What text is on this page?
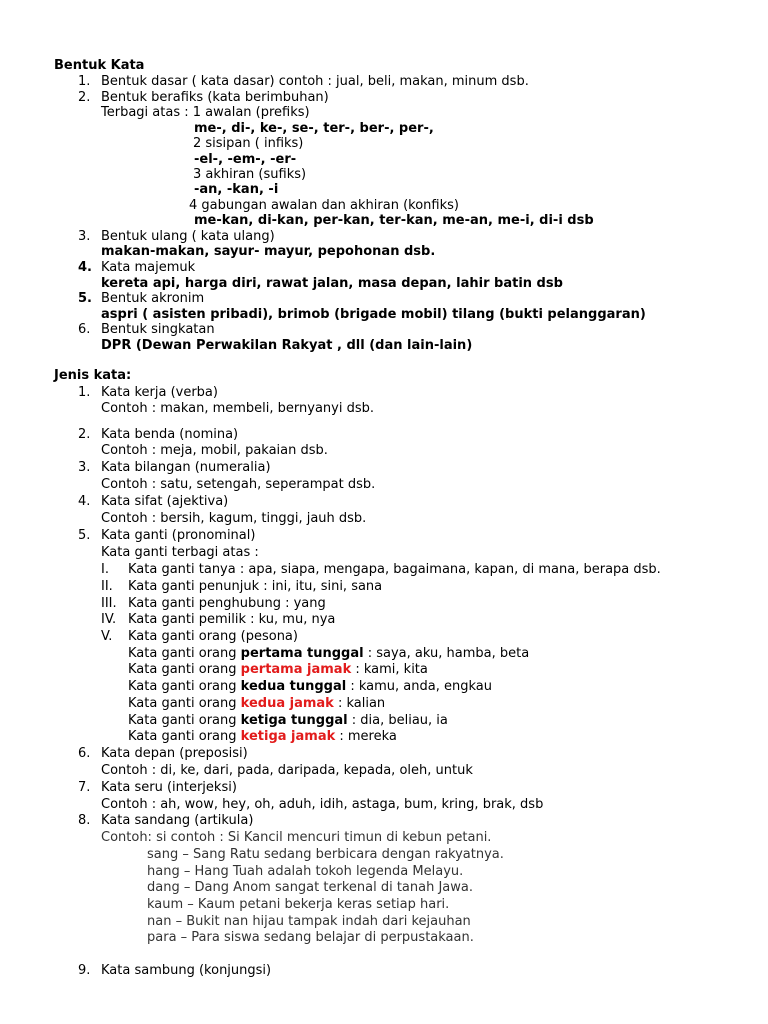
Bentuk Kata
1. Bentuk dasar ( kata dasar) contoh : jual, beli, makan, minum dsb.
2. Bentuk berafiks (kata berimbuhan)
Terbagi atas : 1 awalan (prefiks)
me-, di-, ke-, se-, ter-, ber-, per-,
2 sisipan ( infiks)
-el-, -em-, -er-
3 akhiran (sufiks)
-an, -kan, -i
4 gabungan awalan dan akhiran (konfiks)
me-kan, di-kan, per-kan, ter-kan, me-an, me-i, di-i dsb
3. Bentuk ulang ( kata ulang)
makan-makan, sayur- mayur, pepohonan dsb.
4. Kata majemuk
kereta api, harga diri, rawat jalan, masa depan, lahir batin dsb
5. Bentuk akronim
aspri ( asisten pribadi), brimob (brigade mobil) tilang (bukti pelanggaran)
6. Bentuk singkatan
DPR (Dewan Perwakilan Rakyat , dll (dan lain-lain)
Jenis kata:
1. Kata kerja (verba)
Contoh : makan, membeli, bernyanyi dsb.
2. Kata benda (nomina)
Contoh : meja, mobil, pakaian dsb.
3. Kata bilangan (numeralia)
Contoh : satu, setengah, seperampat dsb.
4. Kata sifat (ajektiva)
Contoh : bersih, kagum, tinggi, jauh dsb.
5. Kata ganti (pronominal)
Kata ganti terbagi atas :
I. Kata ganti tanya : apa, siapa, mengapa, bagaimana, kapan, di mana, berapa dsb.
II. Kata ganti penunjuk : ini, itu, sini, sana
III. Kata ganti penghubung : yang
IV. Kata ganti pemilik : ku, mu, nya
V. Kata ganti orang (pesona)
Kata ganti orang pertama tunggal : saya, aku, hamba, beta
Kata ganti orang pertama jamak : kami, kita
Kata ganti orang kedua tunggal : kamu, anda, engkau
Kata ganti orang kedua jamak : kalian
Kata ganti orang ketiga tunggal : dia, beliau, ia
Kata ganti orang ketiga jamak : mereka
6. Kata depan (preposisi)
Contoh : di, ke, dari, pada, daripada, kepada, oleh, untuk
7. Kata seru (interjeksi)
Contoh : ah, wow, hey, oh, aduh, idih, astaga, bum, kring, brak, dsb
8. Kata sandang (artikula)
Contoh: si contoh : Si Kancil mencuri timun di kebun petani.
sang – Sang Ratu sedang berbicara dengan rakyatnya.
hang – Hang Tuah adalah tokoh legenda Melayu.
dang – Dang Anom sangat terkenal di tanah Jawa.
kaum – Kaum petani bekerja keras setiap hari.
nan – Bukit nan hijau tampak indah dari kejauhan
para – Para siswa sedang belajar di perpustakaan.
9. Kata sambung (konjungsi)
